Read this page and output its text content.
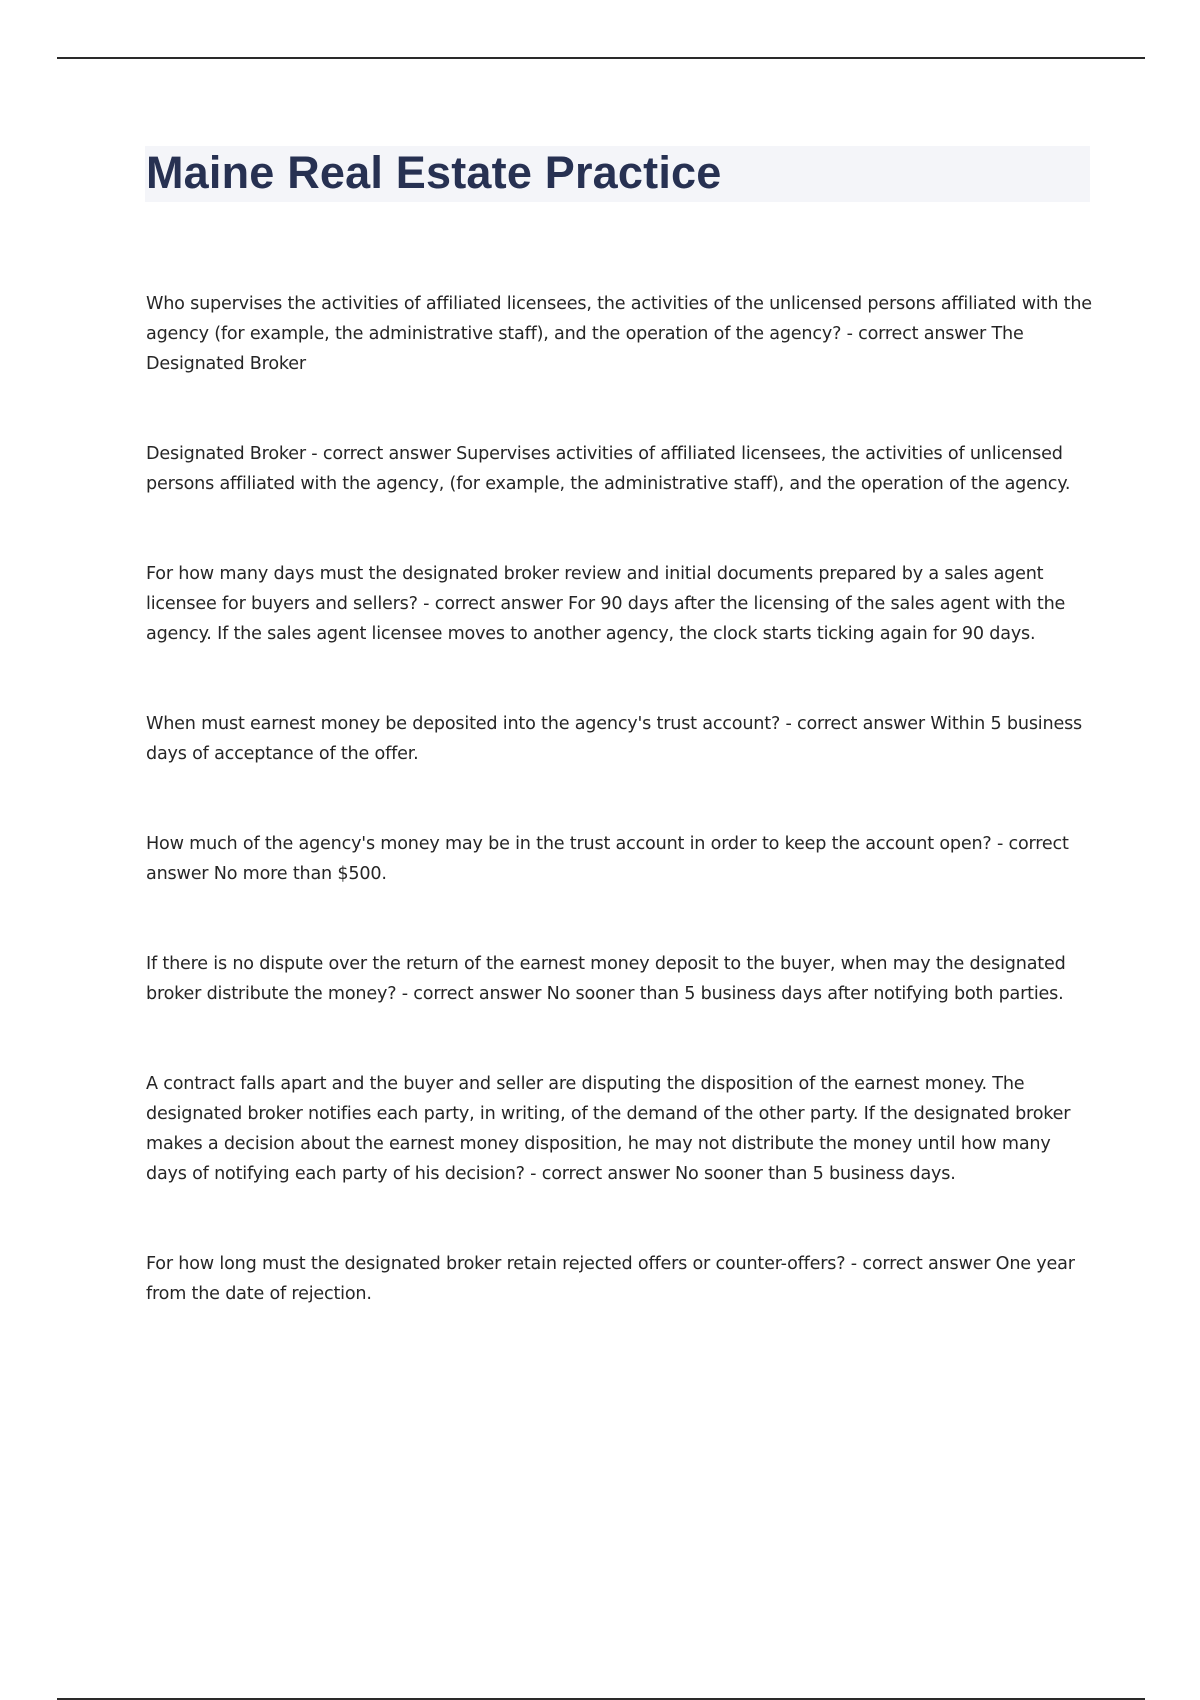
Maine Real Estate Practice

Who supervises the activities of affiliated licensees, the activities of the unlicensed persons affiliated with the agency (for example, the administrative staff), and the operation of the agency? - correct answer The Designated Broker

Designated Broker - correct answer Supervises activities of affiliated licensees, the activities of unlicensed persons affiliated with the agency, (for example, the administrative staff), and the operation of the agency.

For how many days must the designated broker review and initial documents prepared by a sales agent licensee for buyers and sellers? - correct answer For 90 days after the licensing of the sales agent with the agency. If the sales agent licensee moves to another agency, the clock starts ticking again for 90 days.

When must earnest money be deposited into the agency's trust account? - correct answer Within 5 business days of acceptance of the offer.

How much of the agency's money may be in the trust account in order to keep the account open? - correct answer No more than $500.

If there is no dispute over the return of the earnest money deposit to the buyer, when may the designated broker distribute the money? - correct answer No sooner than 5 business days after notifying both parties.

A contract falls apart and the buyer and seller are disputing the disposition of the earnest money. The designated broker notifies each party, in writing, of the demand of the other party. If the designated broker makes a decision about the earnest money disposition, he may not distribute the money until how many days of notifying each party of his decision? - correct answer No sooner than 5 business days.

For how long must the designated broker retain rejected offers or counter-offers? - correct answer One year from the date of rejection.
